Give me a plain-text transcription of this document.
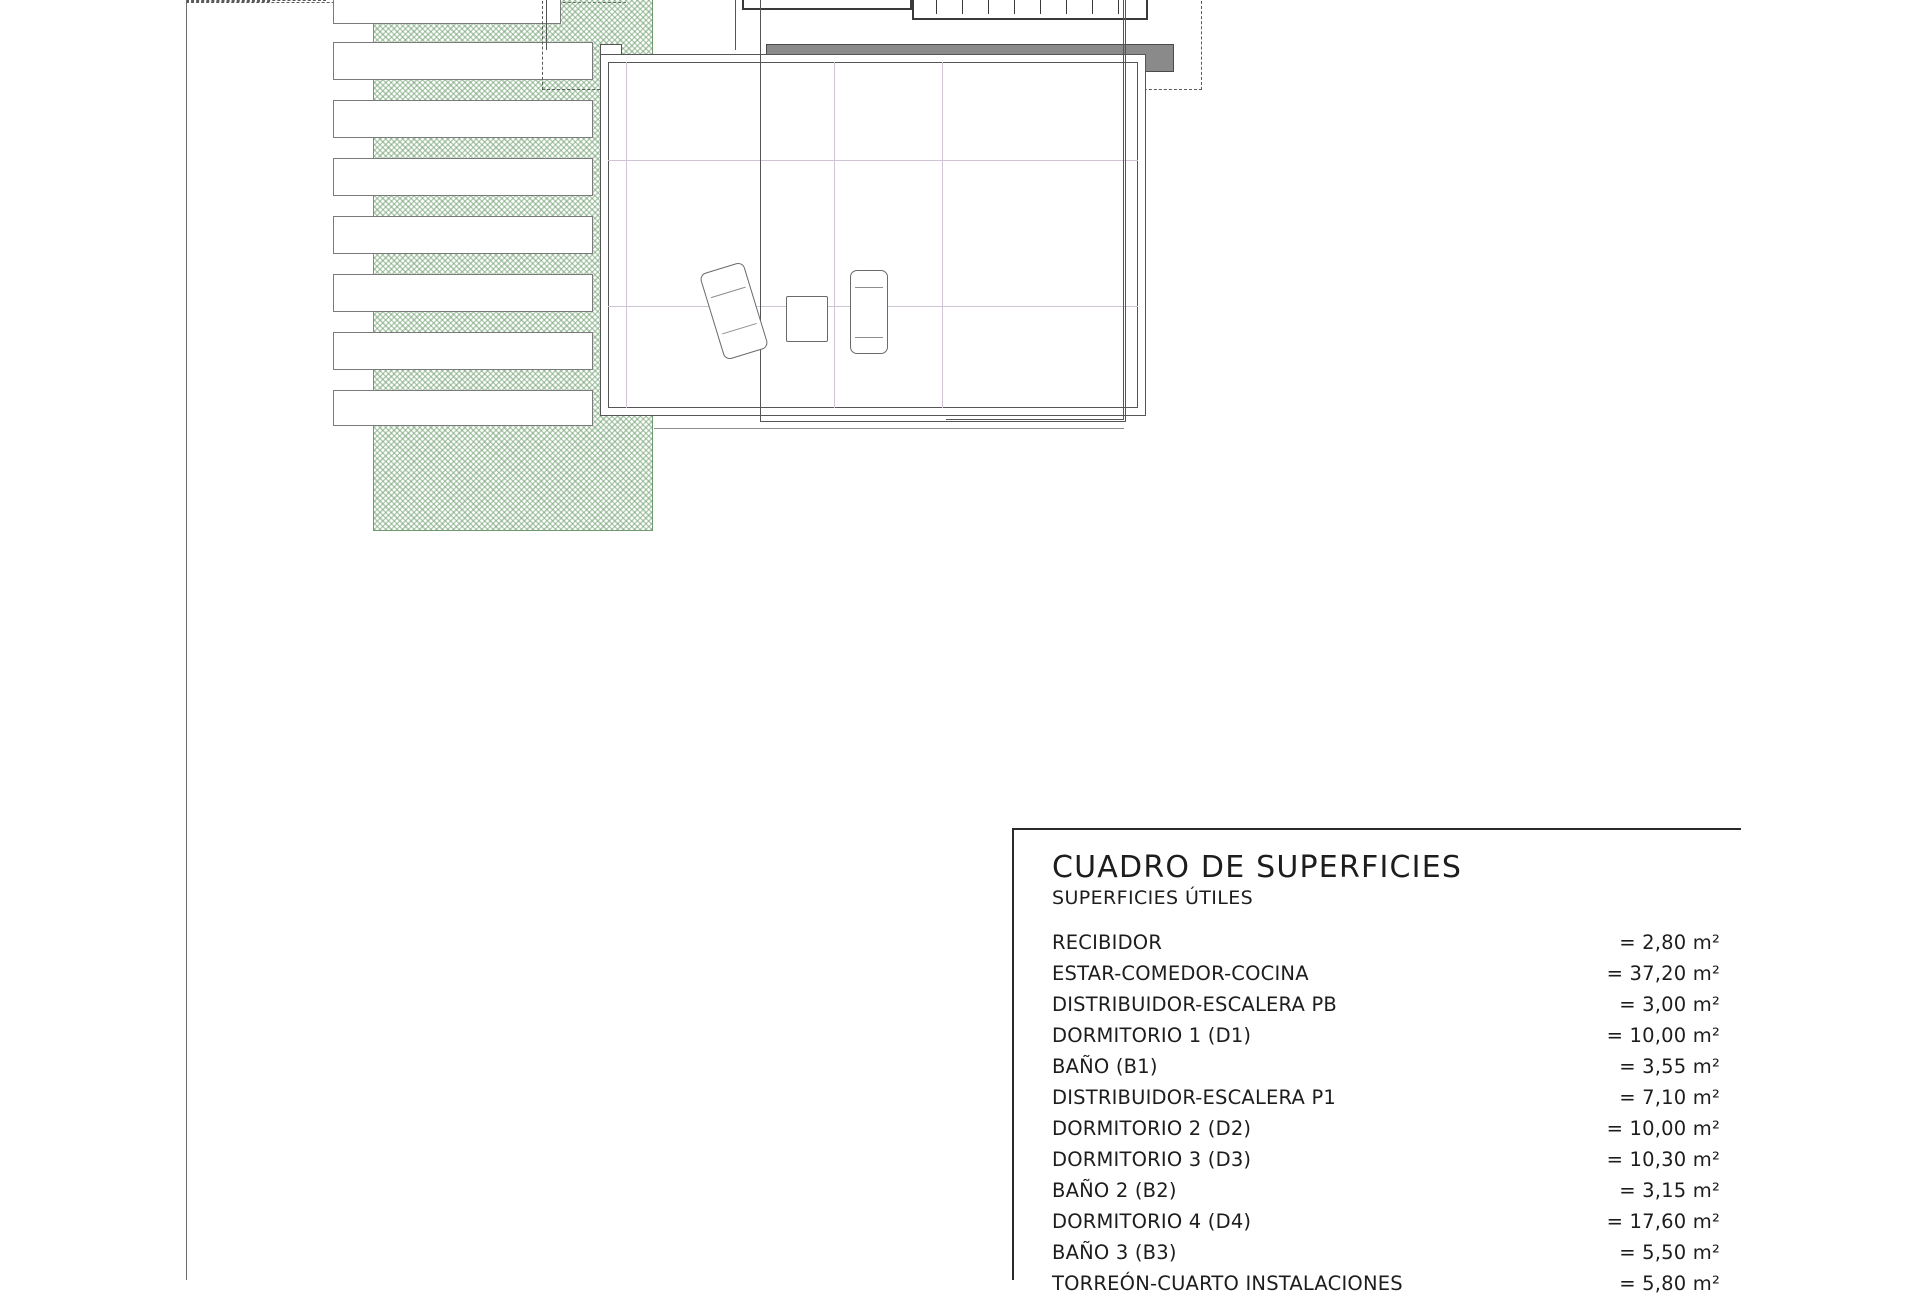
CUADRO DE SUPERFICIES
SUPERFICIES ÚTILES
RECIBIDOR	= 2,80 m²
ESTAR-COMEDOR-COCINA	= 37,20 m²
DISTRIBUIDOR-ESCALERA PB	= 3,00 m²
DORMITORIO 1 (D1)	= 10,00 m²
BAÑO (B1)	= 3,55 m²
DISTRIBUIDOR-ESCALERA P1	= 7,10 m²
DORMITORIO 2 (D2)	= 10,00 m²
DORMITORIO 3 (D3)	= 10,30 m²
BAÑO 2 (B2)	= 3,15 m²
DORMITORIO 4 (D4)	= 17,60 m²
BAÑO 3 (B3)	= 5,50 m²
TORREÓN-CUARTO INSTALACIONES	= 5,80 m²
